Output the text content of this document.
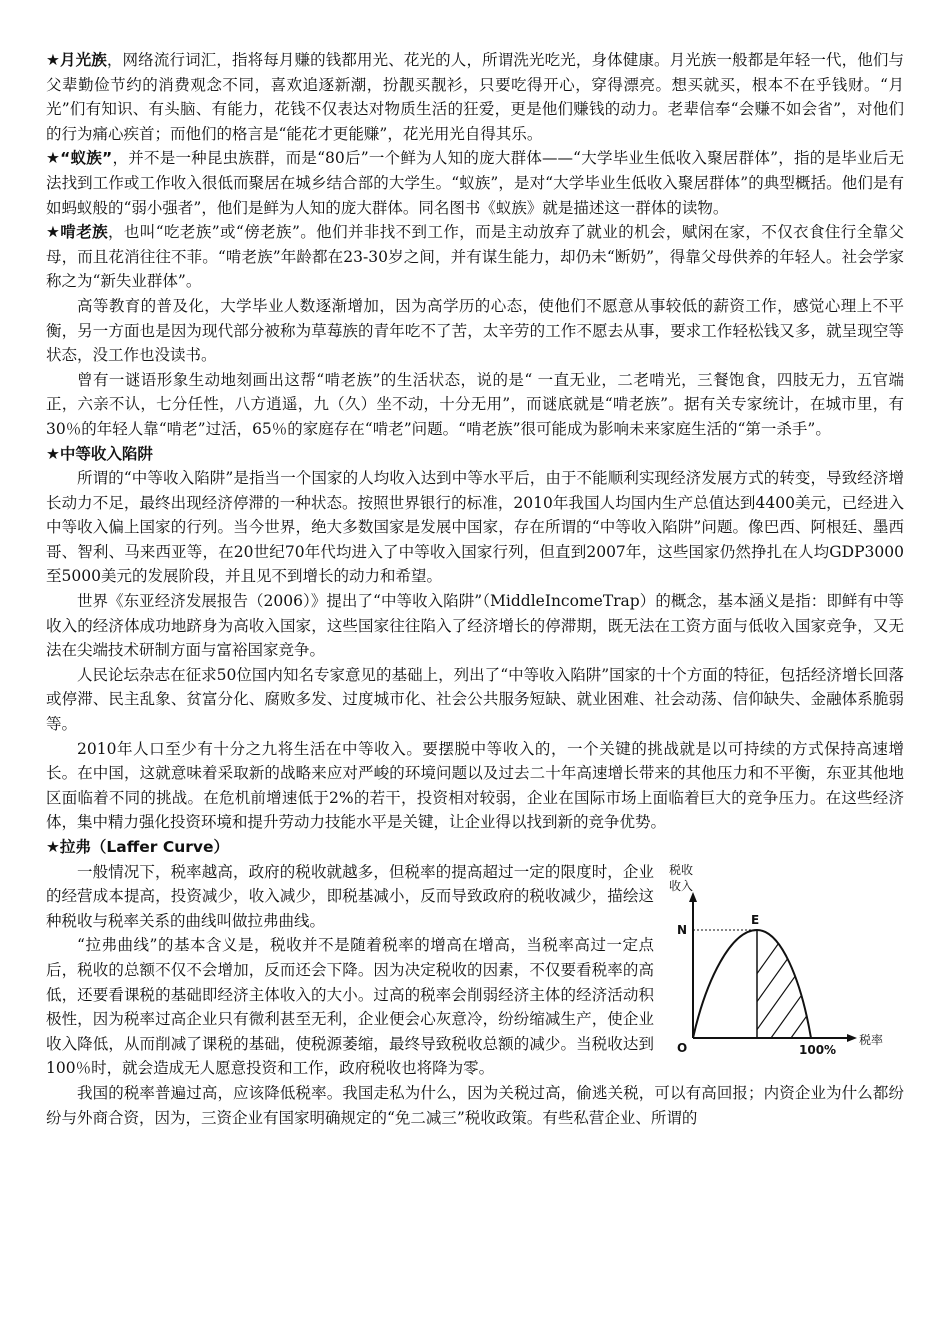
★月光族，网络流行词汇，指将每月赚的钱都用光、花光的人，所谓洗光吃光，身体健康。月光族一般都是年轻一代，他们与父辈勤俭节约的消费观念不同，喜欢追逐新潮，扮靓买靓衫，只要吃得开心，穿得漂亮。想买就买，根本不在乎钱财。“月光”们有知识、有头脑、有能力，花钱不仅表达对物质生活的狂爱，更是他们赚钱的动力。老辈信奉“会赚不如会省”，对他们的行为痛心疾首；而他们的格言是“能花才更能赚”，花光用光自得其乐。

★“蚁族”，并不是一种昆虫族群，而是“80后”一个鲜为人知的庞大群体——“大学毕业生低收入聚居群体”，指的是毕业后无法找到工作或工作收入很低而聚居在城乡结合部的大学生。“蚁族”，是对“大学毕业生低收入聚居群体”的典型概括。他们是有如蚂蚁般的“弱小强者”，他们是鲜为人知的庞大群体。同名图书《蚁族》就是描述这一群体的读物。

★啃老族，也叫“吃老族”或“傍老族”。他们并非找不到工作，而是主动放弃了就业的机会，赋闲在家，不仅衣食住行全靠父母，而且花消往往不菲。“啃老族”年龄都在23-30岁之间，并有谋生能力，却仍未“断奶”，得靠父母供养的年轻人。社会学家称之为“新失业群体”。

高等教育的普及化，大学毕业人数逐渐增加，因为高学历的心态，使他们不愿意从事较低的薪资工作，感觉心理上不平衡，另一方面也是因为现代部分被称为草莓族的青年吃不了苦，太辛劳的工作不愿去从事，要求工作轻松钱又多，就呈现空等状态，没工作也没读书。

曾有一谜语形象生动地刻画出这帮“啃老族”的生活状态，说的是“ 一直无业，二老啃光，三餐饱食，四肢无力，五官端正，六亲不认，七分任性，八方逍遥，九（久）坐不动，十分无用”，而谜底就是“啃老族”。据有关专家统计，在城市里，有30％的年轻人靠“啃老”过活，65％的家庭存在“啃老”问题。“啃老族”很可能成为影响未来家庭生活的“第一杀手”。

★中等收入陷阱

所谓的“中等收入陷阱”是指当一个国家的人均收入达到中等水平后，由于不能顺利实现经济发展方式的转变，导致经济增长动力不足，最终出现经济停滞的一种状态。按照世界银行的标准，2010年我国人均国内生产总值达到4400美元，已经进入中等收入偏上国家的行列。当今世界，绝大多数国家是发展中国家，存在所谓的“中等收入陷阱”问题。像巴西、阿根廷、墨西哥、智利、马来西亚等，在20世纪70年代均进入了中等收入国家行列，但直到2007年，这些国家仍然挣扎在人均GDP3000至5000美元的发展阶段，并且见不到增长的动力和希望。

世界《东亚经济发展报告（2006）》提出了“中等收入陷阱”（MiddleIncomeTrap）的概念，基本涵义是指：即鲜有中等收入的经济体成功地跻身为高收入国家，这些国家往往陷入了经济增长的停滞期，既无法在工资方面与低收入国家竞争，又无法在尖端技术研制方面与富裕国家竞争。

人民论坛杂志在征求50位国内知名专家意见的基础上，列出了“中等收入陷阱”国家的十个方面的特征，包括经济增长回落或停滞、民主乱象、贫富分化、腐败多发、过度城市化、社会公共服务短缺、就业困难、社会动荡、信仰缺失、金融体系脆弱等。

2010年人口至少有十分之九将生活在中等收入。要摆脱中等收入的，一个关键的挑战就是以可持续的方式保持高速增长。在中国，这就意味着采取新的战略来应对严峻的环境问题以及过去二十年高速增长带来的其他压力和不平衡，东亚其他地区面临着不同的挑战。在危机前增速低于2%的若干，投资相对较弱，企业在国际市场上面临着巨大的竞争压力。在这些经济体，集中精力强化投资环境和提升劳动力技能水平是关键，让企业得以找到新的竞争优势。

★拉弗（Laffer Curve）

税 收
收 入
E
N
O	100%
税率

一般情况下，税率越高，政府的税收就越多，但税率的提高超过一定的限度时，企业的经营成本提高，投资减少，收入减少，即税基减小，反而导致政府的税收减少，描绘这种税收与税率关系的曲线叫做拉弗曲线。

“拉弗曲线”的基本含义是，税收并不是随着税率的增高在增高，当税率高过一定点后，税收的总额不仅不会增加，反而还会下降。因为决定税收的因素，不仅要看税率的高低，还要看课税的基础即经济主体收入的大小。过高的税率会削弱经济主体的经济活动积极性，因为税率过高企业只有微利甚至无利，企业便会心灰意冷，纷纷缩减生产，使企业收入降低，从而削减了课税的基础，使税源萎缩，最终导致税收总额的减少。当税收达到100％时，就会造成无人愿意投资和工作，政府税收也将降为零。

我国的税率普遍过高，应该降低税率。我国走私为什么，因为关税过高，偷逃关税，可以有高回报；内资企业为什么都纷纷与外商合资，因为，三资企业有国家明确规定的“免二减三”税收政策。有些私营企业、所谓的
